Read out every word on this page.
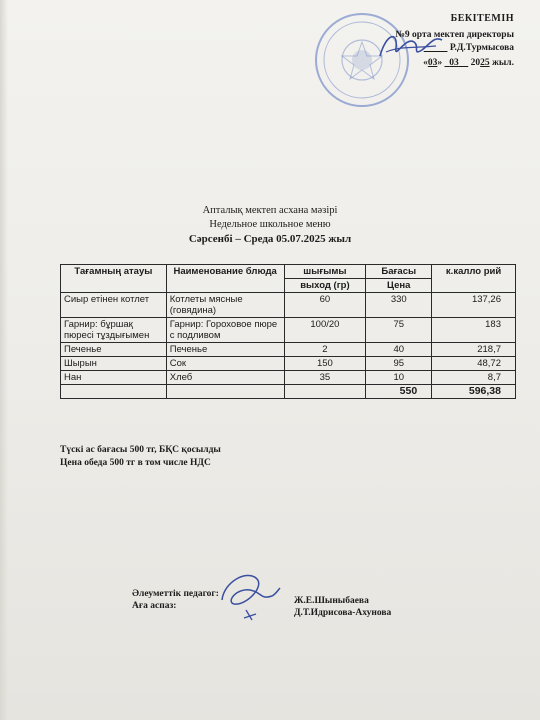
БЕКІТЕМІН
№9 орта мектеп директоры
Р.Д.Турмысова
«03» 03 2025 жыл.
Апталық мектеп асхана мәзірі
Недельное школьное меню
Сәрсенбі – Среда 05.07.2025 жыл
Тағамның атауы	Наименование блюда	шығымы	Бағасы	к.калло рий
		выход (гр)	Цена	
Сиыр етінен котлет	Котлеты мясные (говядина)	60	330	137,26
Гарнир: бұршақ пюресі тұздығымен	Гарнир: Гороховое пюре с подливом	100/20	75	183
Печенье	Печенье	2	40	218,7
Шырын	Сок	150	95	48,72
Нан	Хлеб	35	10	8,7
			550	596,38
Түскі ас бағасы 500 тг, БҚС қосылды
Цена обеда 500 тг в том числе НДС
Әлеуметтік педагог:
Аға аспаз:	Ж.Е.Шыныбаева
Д.Т.Идрисова-Ахунова
